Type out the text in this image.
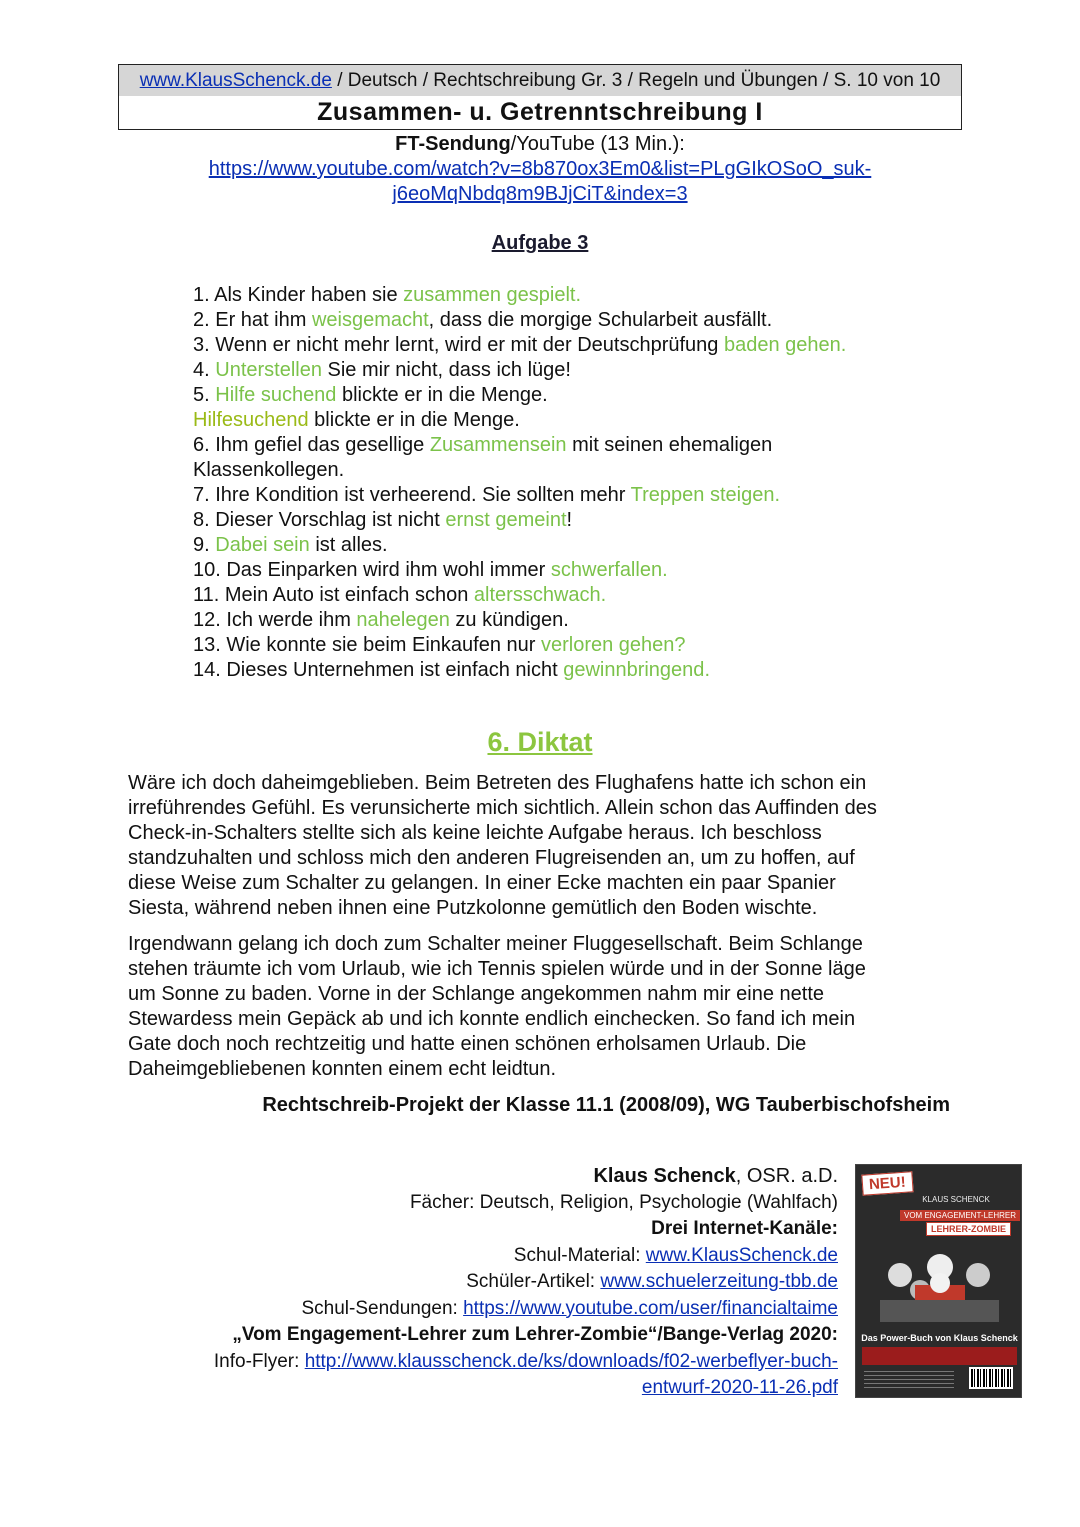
www.KlausSchenck.de / Deutsch / Rechtschreibung Gr. 3 / Regeln und Übungen / S. 10 von 10
Zusammen- u. Getrenntschreibung I
FT-Sendung/YouTube (13 Min.):
https://www.youtube.com/watch?v=8b870ox3Em0&list=PLgGIkOSoO_suk-
j6eoMqNbdq8m9BJjCiT&index=3
Aufgabe 3
1. Als Kinder haben sie zusammen gespielt.
2. Er hat ihm weisgemacht, dass die morgige Schularbeit ausfällt.
3. Wenn er nicht mehr lernt, wird er mit der Deutschprüfung baden gehen.
4. Unterstellen Sie mir nicht, dass ich lüge!
5. Hilfe suchend blickte er in die Menge.
Hilfesuchend blickte er in die Menge.
6. Ihm gefiel das gesellige Zusammensein mit seinen ehemaligen
Klassenkollegen.
7. Ihre Kondition ist verheerend. Sie sollten mehr Treppen steigen.
8. Dieser Vorschlag ist nicht ernst gemeint!
9. Dabei sein ist alles.
10. Das Einparken wird ihm wohl immer schwerfallen.
11. Mein Auto ist einfach schon altersschwach.
12. Ich werde ihm nahelegen zu kündigen.
13. Wie konnte sie beim Einkaufen nur verloren gehen?
14. Dieses Unternehmen ist einfach nicht gewinnbringend.
6. Diktat
Wäre ich doch daheimgeblieben. Beim Betreten des Flughafens hatte ich schon ein
irreführendes Gefühl. Es verunsicherte mich sichtlich. Allein schon das Auffinden des
Check-in-Schalters stellte sich als keine leichte Aufgabe heraus. Ich beschloss
standzuhalten und schloss mich den anderen Flugreisenden an, um zu hoffen, auf
diese Weise zum Schalter zu gelangen. In einer Ecke machten ein paar Spanier
Siesta, während neben ihnen eine Putzkolonne gemütlich den Boden wischte.
Irgendwann gelang ich doch zum Schalter meiner Fluggesellschaft. Beim Schlange
stehen träumte ich vom Urlaub, wie ich Tennis spielen würde und in der Sonne läge
um Sonne zu baden. Vorne in der Schlange angekommen nahm mir eine nette
Stewardess mein Gepäck ab und ich konnte endlich einchecken. So fand ich mein
Gate doch noch rechtzeitig und hatte einen schönen erholsamen Urlaub. Die
Daheimgebliebenen konnten einem echt leidtun.
Rechtschreib-Projekt der Klasse 11.1 (2008/09), WG Tauberbischofsheim
Klaus Schenck, OSR. a.D.
Fächer: Deutsch, Religion, Psychologie (Wahlfach)
Drei Internet-Kanäle:
Schul-Material: www.KlausSchenck.de
Schüler-Artikel: www.schuelerzeitung-tbb.de
Schul-Sendungen: https://www.youtube.com/user/financialtaime
„Vom Engagement-Lehrer zum Lehrer-Zombie“/Bange-Verlag 2020:
Info-Flyer: http://www.klausschenck.de/ks/downloads/f02-werbeflyer-buch-
entwurf-2020-11-26.pdf
NEU!
KLAUS SCHENCK
VOM ENGAGEMENT-LEHRER
LEHRER-ZOMBIE
Das Power-Buch von Klaus Schenck
